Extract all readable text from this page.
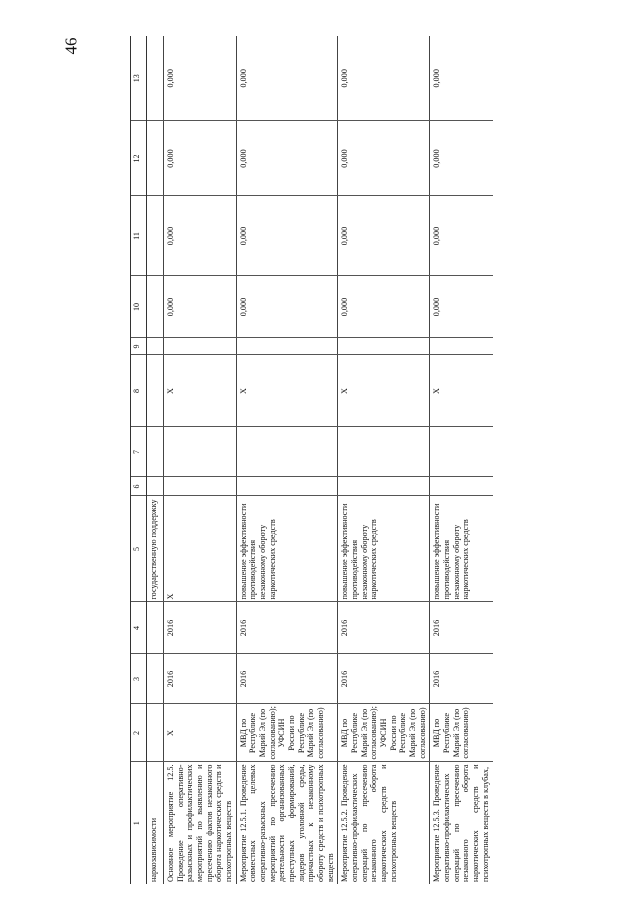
46
1	2	3	4	5	6	7	8	9	10	11	12	13
наркозависимости				государственную поддержку								
Основное мероприятие 12.5. Проведение оперативно-разыскных и профилактических мероприятий по выявлению и пресечению фактов незаконного оборота наркотических средств и психотропных веществ	X	2016	2016	X			X		0,000	0,000	0,000	0,000
Мероприятие 12.5.1. Проведение совместных целевых оперативно-разыскных мероприятий по пресечению деятельности организованных преступных формирований, лидеров уголовной среды, причастных к незаконному обороту средств и психотропных веществ	МВД по Республике Марий Эл (по согласованию); УФСИН России по Республике Марий Эл (по согласованию)	2016	2016	повышение эффективности противодействия незаконному обороту наркотических средств			X		0,000	0,000	0,000	0,000
Мероприятие 12.5.2. Проведение оперативно-профилактических операций по пресечению незаконного оборота наркотических средств и психотропных веществ	МВД по Республике Марий Эл (по согласованию); УФСИН России по Республике Марий Эл (по согласованию)	2016	2016	повышение эффективности противодействия незаконному обороту наркотических средств			X		0,000	0,000	0,000	0,000
Мероприятие 12.5.3. Проведение оперативно-профилактических операций по пресечению незаконного оборота наркотических средств и психотропных веществ в клубах,	МВД по Республике Марий Эл (по согласованию)	2016	2016	повышение эффективности противодействия незаконному обороту наркотических средств			X		0,000	0,000	0,000	0,000
